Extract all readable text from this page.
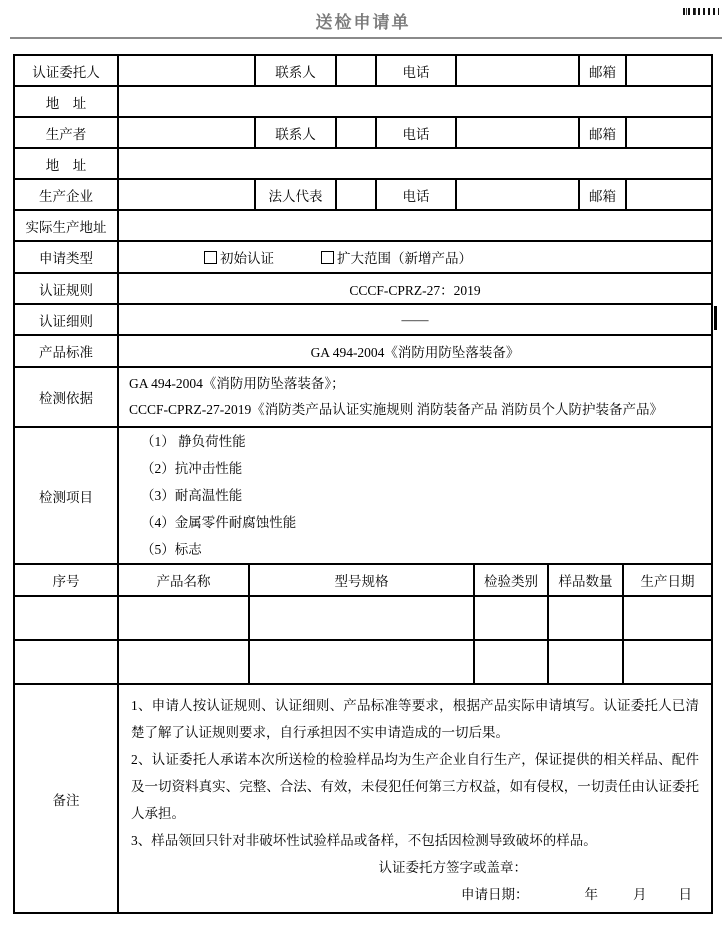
送检申请单
认证委托人		联系人		电话		邮箱	
地　址							
生产者		联系人		电话		邮箱	
地　址							
生产企业		法人代表		电话		邮箱	
实际生产地址							
申请类型	初始认证 扩大范围（新增产品）						

认证规则	CCCF-CPRZ-27：2019						
认证细则	——						
产品标准	GA 494-2004《消防用防坠落装备》						
检测依据	GA 494-2004《消防用防坠落装备》；
CCCF-CPRZ-27-2019《消防类产品认证实施规则 消防装备产品 消防员个人防护装备产品》						

检测项目	（1） 静负荷性能
（2）抗冲击性能
（3）耐高温性能
（4）金属零件耐腐蚀性能
（5）标志						
序号	产品名称	型号规格	检验类别	样品数量	生产日期

备注	

1、申请人按认证规则、认证细则、产品标准等要求，根据产品实际申请填写。认证委托人已清楚了解了认证规则要求，自行承担因不实申请造成的一切后果。

2、认证委托人承诺本次所送检的检验样品均为生产企业自行生产，保证提供的相关样品、配件及一切资料真实、完整、合法、有效，未侵犯任何第三方权益，如有侵权，一切责任由认证委托人承担。

3、样品领回只针对非破坏性试验样品或备样，不包括因检测导致破坏的样品。

认证委托方签字或盖章：
申请日期：	年	月 日
